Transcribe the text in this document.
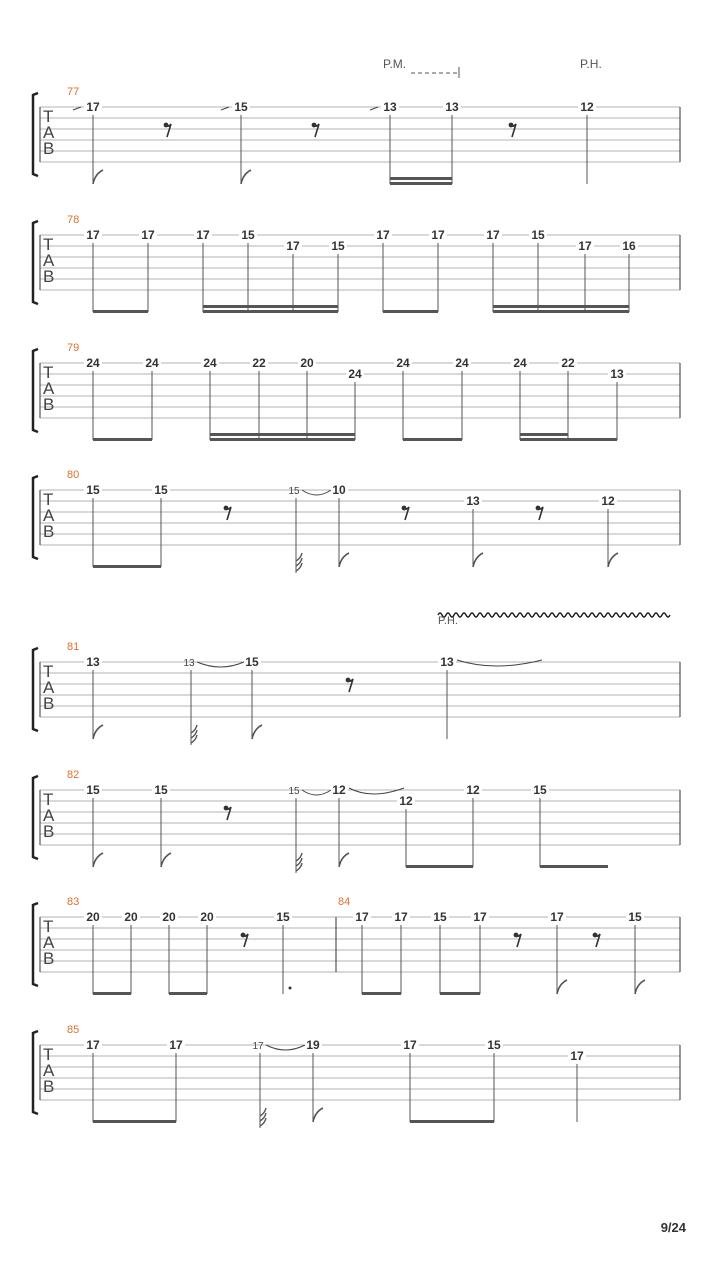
77
T
A
B
17	15	13	13	12
78
T
A
B
17	17	17	15
17	15
17	17	17	15
17	16
79
T
A
B
24	24	24	22	20
24
24	24	24	22
13
80
T
A
B
15	15	10
15
13	12
81
T
A
B
13	15
13	13
82
T
A
B
15	15	12
15
12
12	15
83	84
T
A
B
20 20 20 20	15	17 17 15 17	17	15
85
T
A
B
17	17	19
17	17	15
17
P.M.	P.H.
P.H.
9/24
